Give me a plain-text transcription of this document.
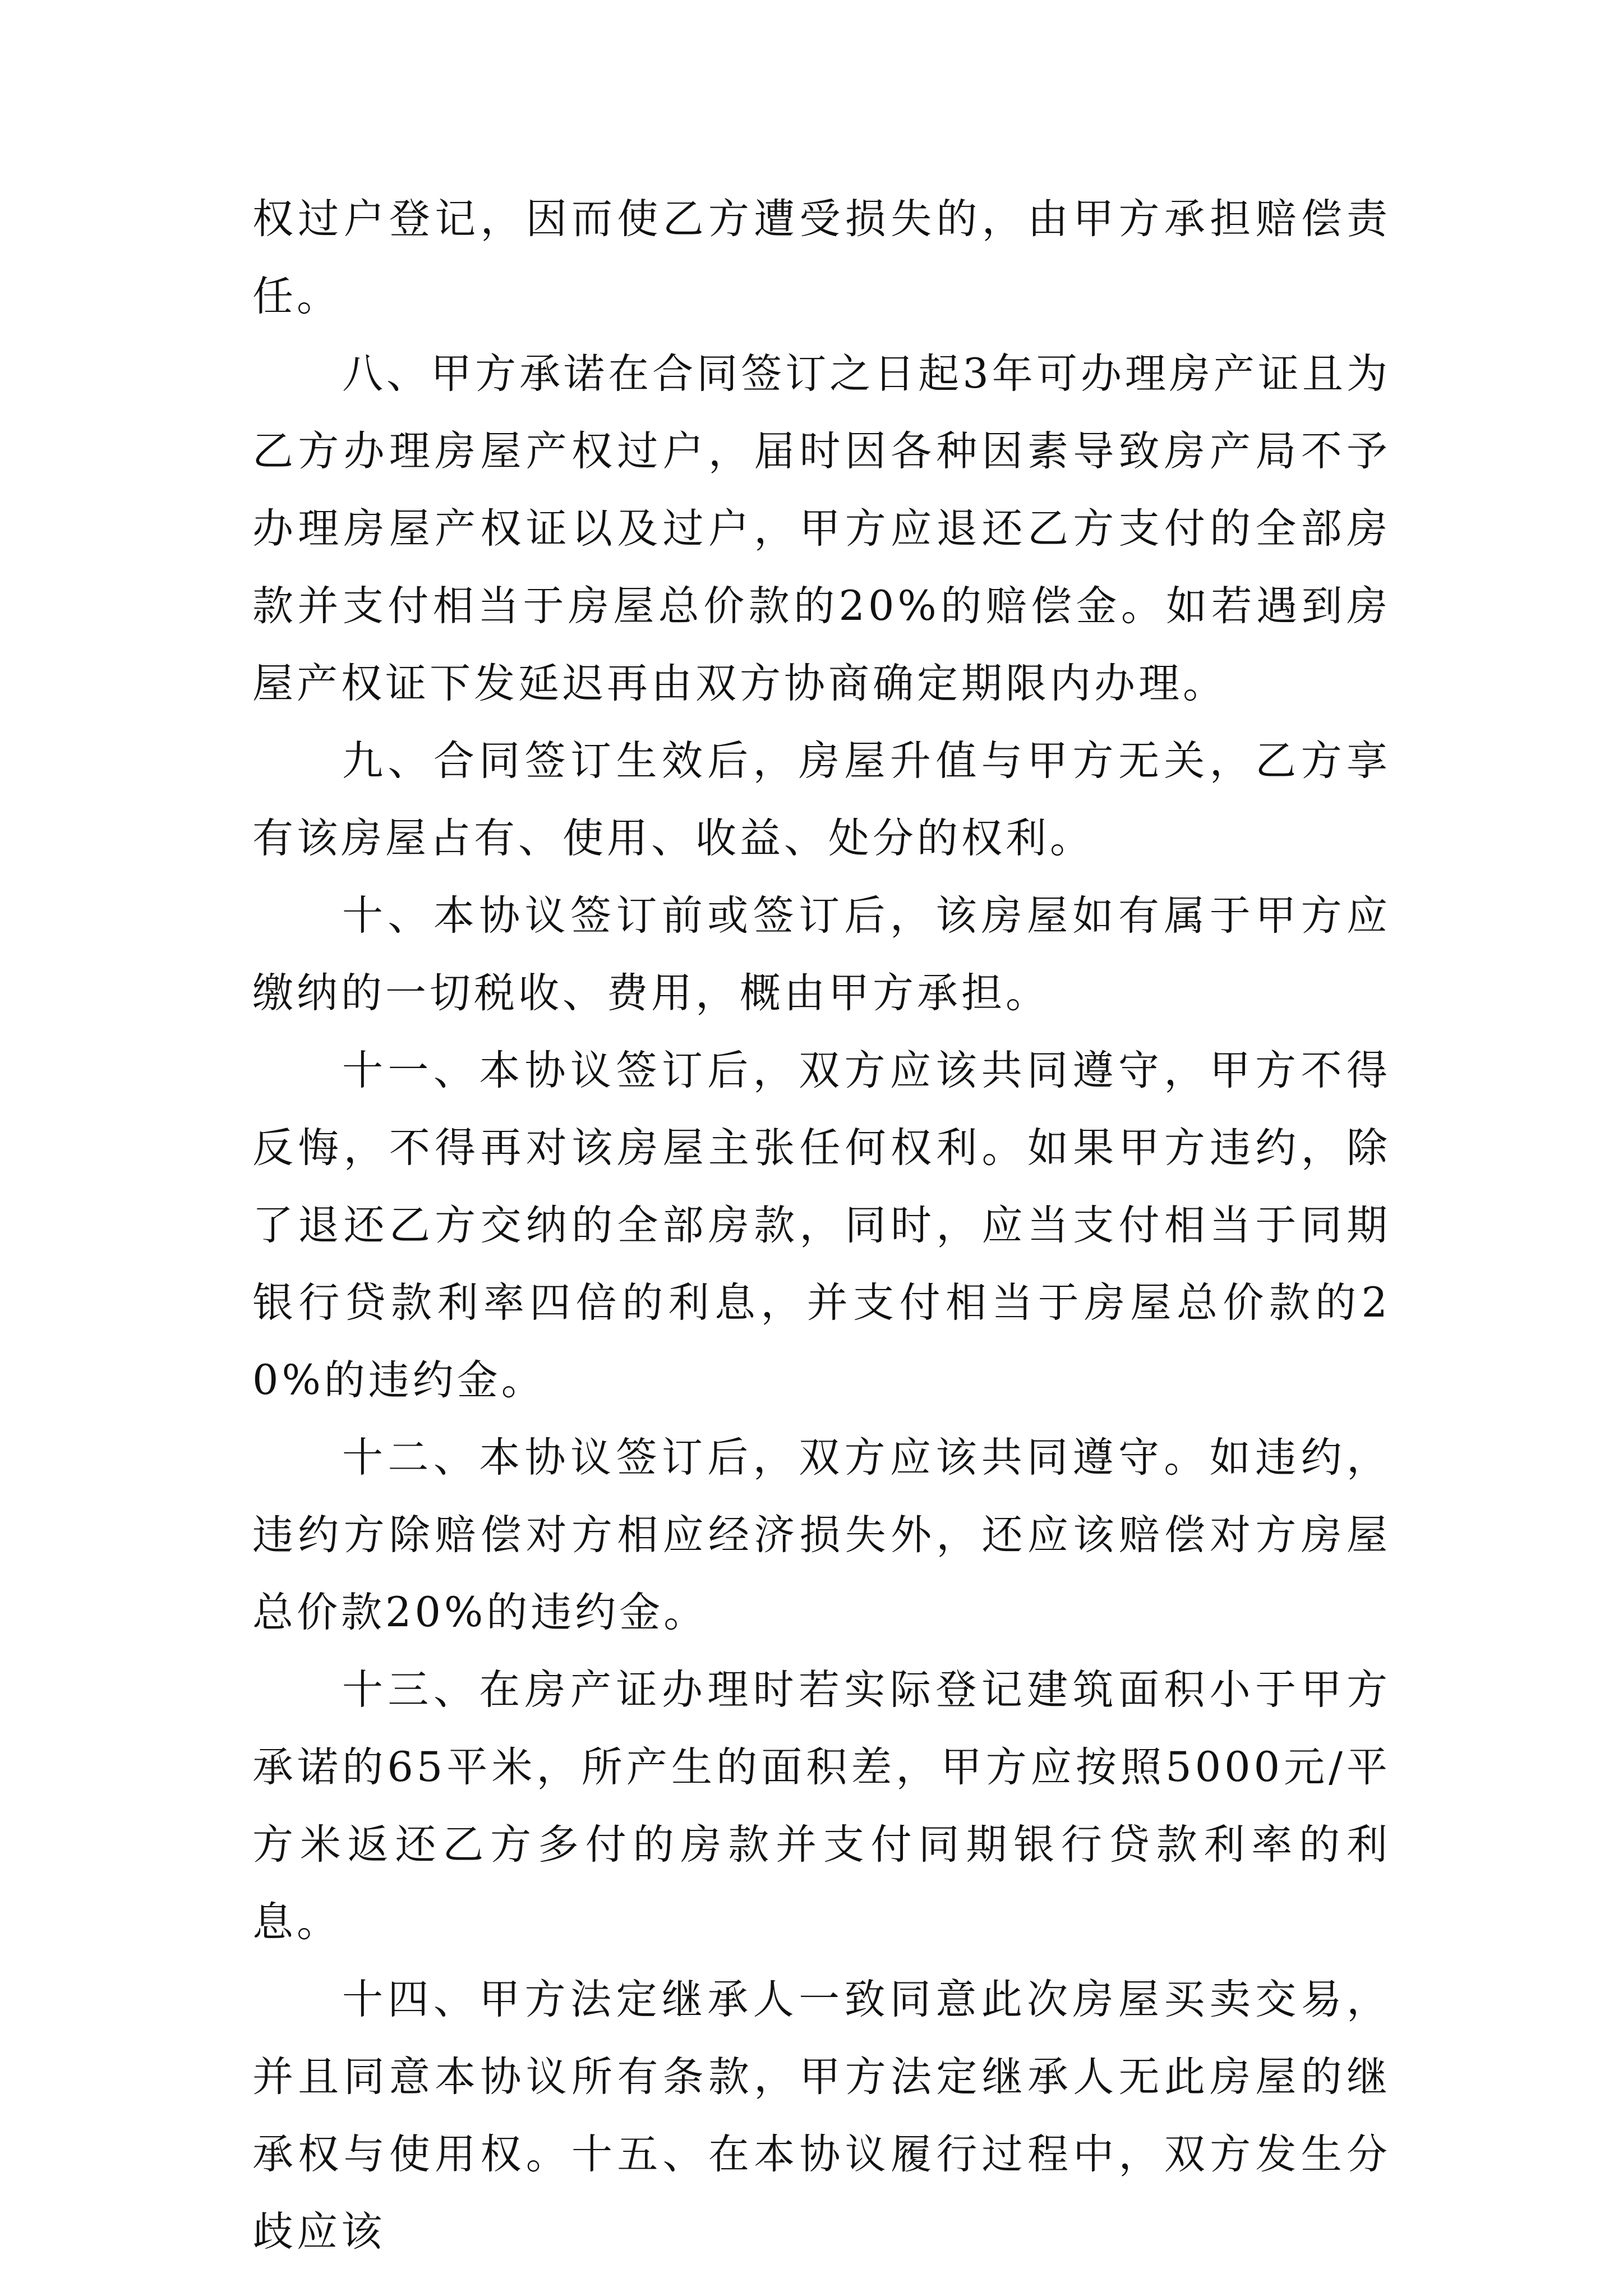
权过户登记，因而使乙方遭受损失的，由甲方承担赔偿责任。

八、甲方承诺在合同签订之日起3年可办理房产证且为乙方办理房屋产权过户，届时因各种因素导致房产局不予办理房屋产权证以及过户，甲方应退还乙方支付的全部房款并支付相当于房屋总价款的20%的赔偿金。如若遇到房屋产权证下发延迟再由双方协商确定期限内办理。

九、合同签订生效后，房屋升值与甲方无关，乙方享有该房屋占有、使用、收益、处分的权利。

十、本协议签订前或签订后，该房屋如有属于甲方应缴纳的一切税收、费用，概由甲方承担。

十一、本协议签订后，双方应该共同遵守，甲方不得反悔，不得再对该房屋主张任何权利。如果甲方违约，除了退还乙方交纳的全部房款，同时，应当支付相当于同期银行贷款利率四倍的利息，并支付相当于房屋总价款的20%的违约金。

十二、本协议签订后，双方应该共同遵守。如违约，违约方除赔偿对方相应经济损失外，还应该赔偿对方房屋总价款20%的违约金。

十三、在房产证办理时若实际登记建筑面积小于甲方承诺的65平米，所产生的面积差，甲方应按照5000元/平方米返还乙方多付的房款并支付同期银行贷款利率的利息。

十四、甲方法定继承人一致同意此次房屋买卖交易，并且同意本协议所有条款，甲方法定继承人无此房屋的继承权与使用权。十五、在本协议履行过程中，双方发生分歧应该
